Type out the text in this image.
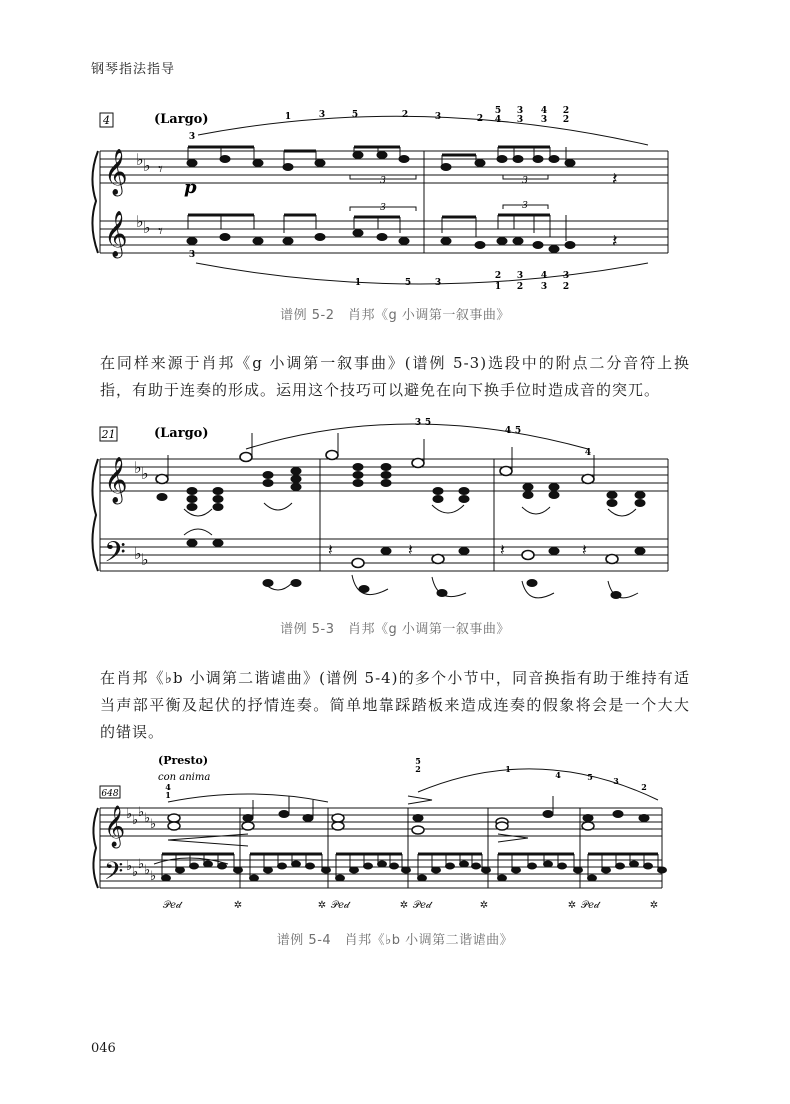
钢琴指法指导
𝄞
𝄞
♭ ♭
♭ ♭
𝄾
𝄾
𝄽
𝄽
4	(Largo)
p
1	3	5	2	3	2
5
4
3
3
4
3
2
2
3
3
1	5	3
2
1
3
2
4
3
3
2
3	3
3	3
谱例 5-2　肖邦《g 小调第一叙事曲》
在同样来源于肖邦《g 小调第一叙事曲》(谱例 5-3)选段中的附点二分音符上换指，有助于连奏的形成。运用这个技巧可以避免在向下换手位时造成音的突兀。
𝄞
𝄢
♭ ♭
♭ ♭
𝄽	𝄽	𝄽	𝄽
21	(Largo)
3 5
4 5
4
谱例 5-3　肖邦《g 小调第一叙事曲》
在肖邦《♭b 小调第二谐谑曲》(谱例 5-4)的多个小节中，同音换指有助于维持有适当声部平衡及起伏的抒情连奏。简单地靠踩踏板来造成连奏的假象将会是一个大大的错误。
𝄞
𝄢
♭ ♭
♭ ♭ ♭
♭ ♭
♭ ♭ ♭
648
(Presto)
con anima
4
1
5
2	1
4	5	3
2
𝒫𝑒𝒹	✲	✲ 𝒫𝑒𝒹	✲ 𝒫𝑒𝒹	✲	✲ 𝒫𝑒𝒹	✲
谱例 5-4　肖邦《♭b 小调第二谐谑曲》
046
